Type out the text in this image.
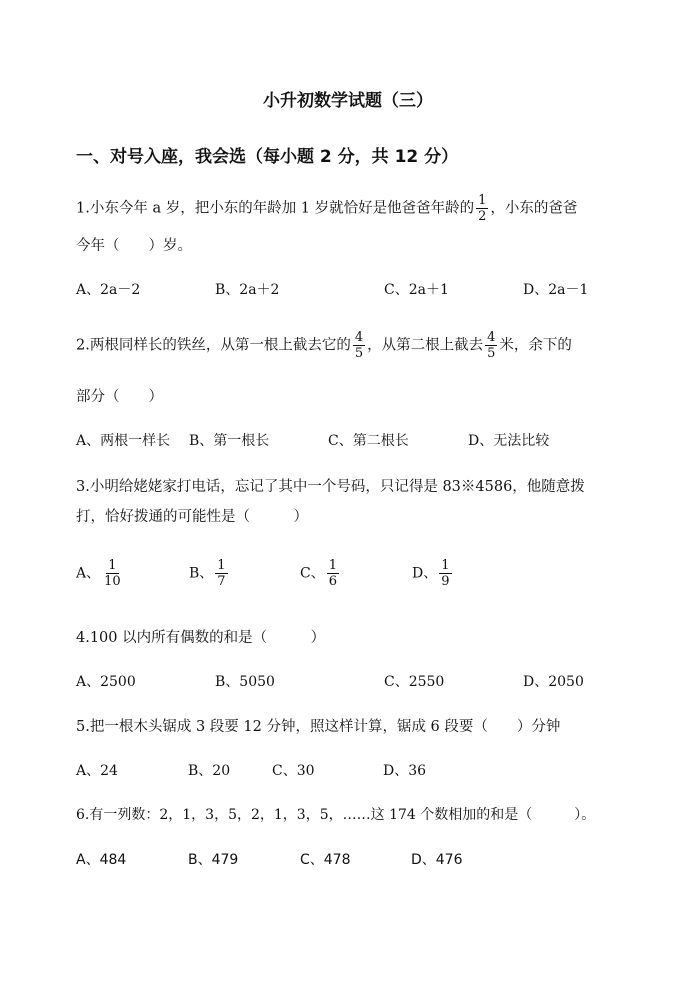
小升初数学试题（三）
一、对号入座，我会选（每小题 2 分，共 12 分）
1.小东今年 a 岁，把小东的年龄加 1 岁就恰好是他爸爸年龄的 $\frac{1}{2}$ ，小东的爸爸
今年（　　）岁。
A、2a－2	B、2a＋2	C、2a＋1	D、2a－1
2.两根同样长的铁丝，从第一根上截去它的 $\frac{4}{5}$ ，从第二根上截去 $\frac{4}{5}$ 米，余下的
部分（　　）
A、两根一样长 B、第一根长	C、第二根长	D、无法比较
3.小明给姥姥家打电话，忘记了其中一个号码，只记得是 83※4586，他随意拨
打，恰好拨通的可能性是（　　　）
A、 $\frac{1}{10}$	B、 $\frac{1}{7}$	C、 $\frac{1}{6}$	D、 $\frac{1}{9}$
4.100 以内所有偶数的和是（　　　）
A、2500	B、5050	C、2550	D、2050
5.把一根木头锯成 3 段要 12 分钟，照这样计算，锯成 6 段要（　　）分钟
A、24	B、20	C、30	D、36
6.有一列数：2，1，3，5，2，1，3，5，……这 174 个数相加的和是（　　　）。
A、484	B、479	C、478	D、476
